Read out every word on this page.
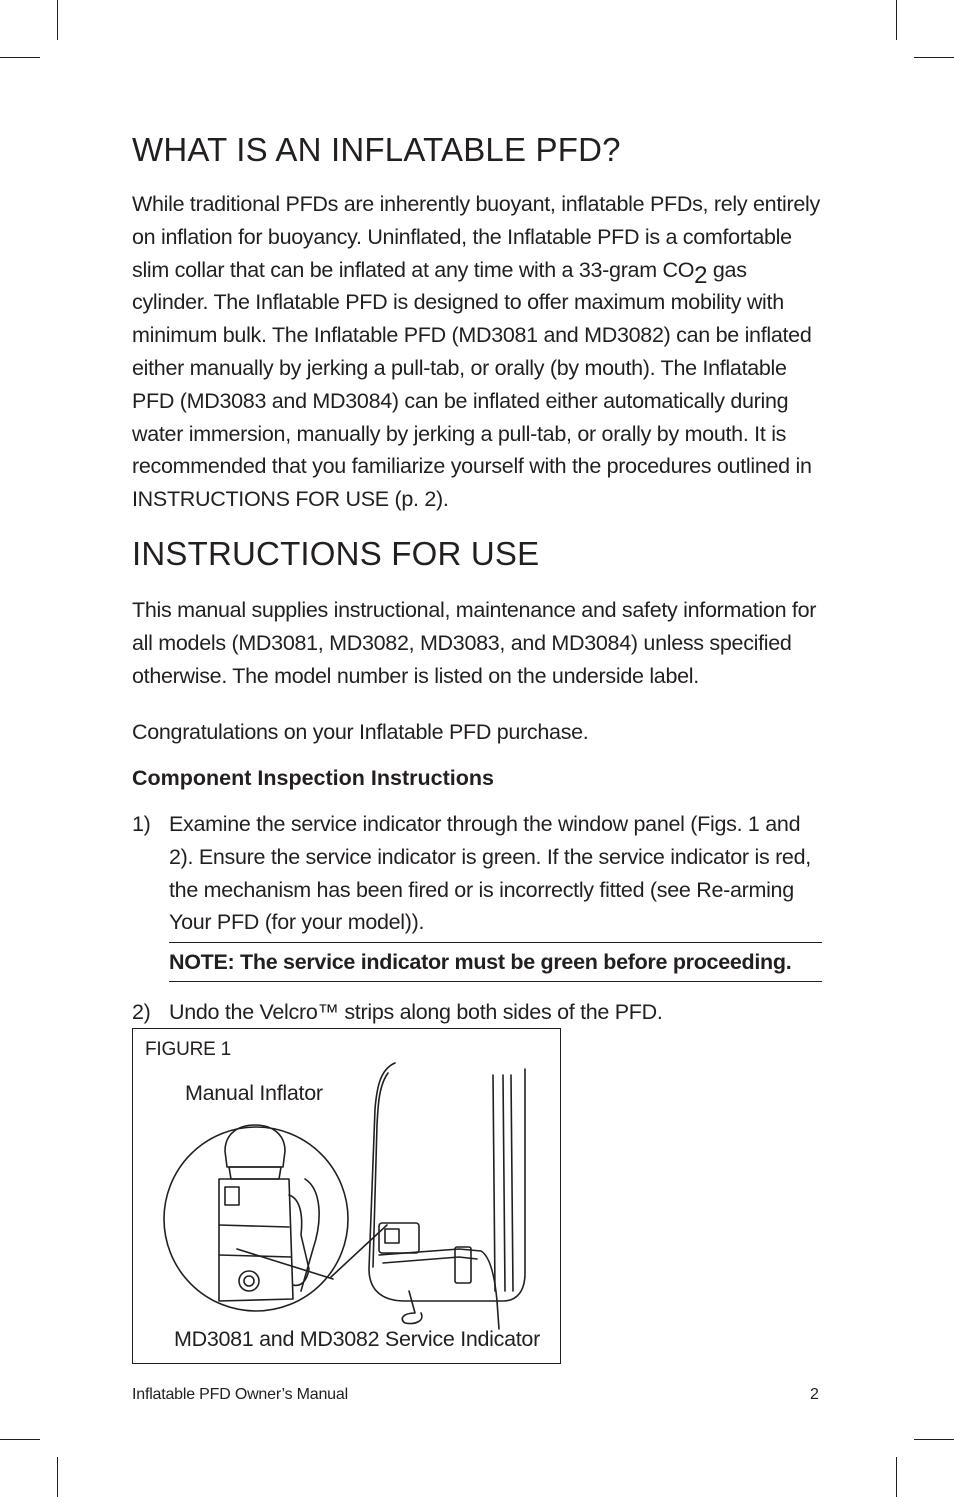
WHAT IS AN INFLATABLE PFD?

While traditional PFDs are inherently buoyant, inflatable PFDs, rely entirely on inflation for buoyancy. Uninflated, the Inflatable PFD is a comfortable slim collar that can be inflated at any time with a 33-gram $CO_2$ gas cylinder. The Inflatable PFD is designed to offer maximum mobility with minimum bulk. The Inflatable PFD (MD3081 and MD3082) can be inflated either manually by jerking a pull-tab, or orally (by mouth). The Inflatable PFD (MD3083 and MD3084) can be inflated either automatically during water immersion, manually by jerking a pull-tab, or orally by mouth. It is recommended that you familiarize yourself with the procedures outlined in INSTRUCTIONS FOR USE (p. 2).

INSTRUCTIONS FOR USE

This manual supplies instructional, maintenance and safety information for all models (MD3081, MD3082, MD3083, and MD3084) unless specified otherwise. The model number is listed on the underside label.

Congratulations on your Inflatable PFD purchase.

Component Inspection Instructions
1) Examine the service indicator through the window panel (Figs. 1 and 2). Ensure the service indicator is green. If the service indicator is red, the mechanism has been fired or is incorrectly fitted (see Re-arming Your PFD (for your model)).
NOTE: The service indicator must be green before proceeding.
2) Undo the Velcro™ strips along both sides of the PFD.
FIGURE 1
Manual Inflator
MD3081 and MD3082 Service Indicator
Inflatable PFD Owner’s Manual	2
